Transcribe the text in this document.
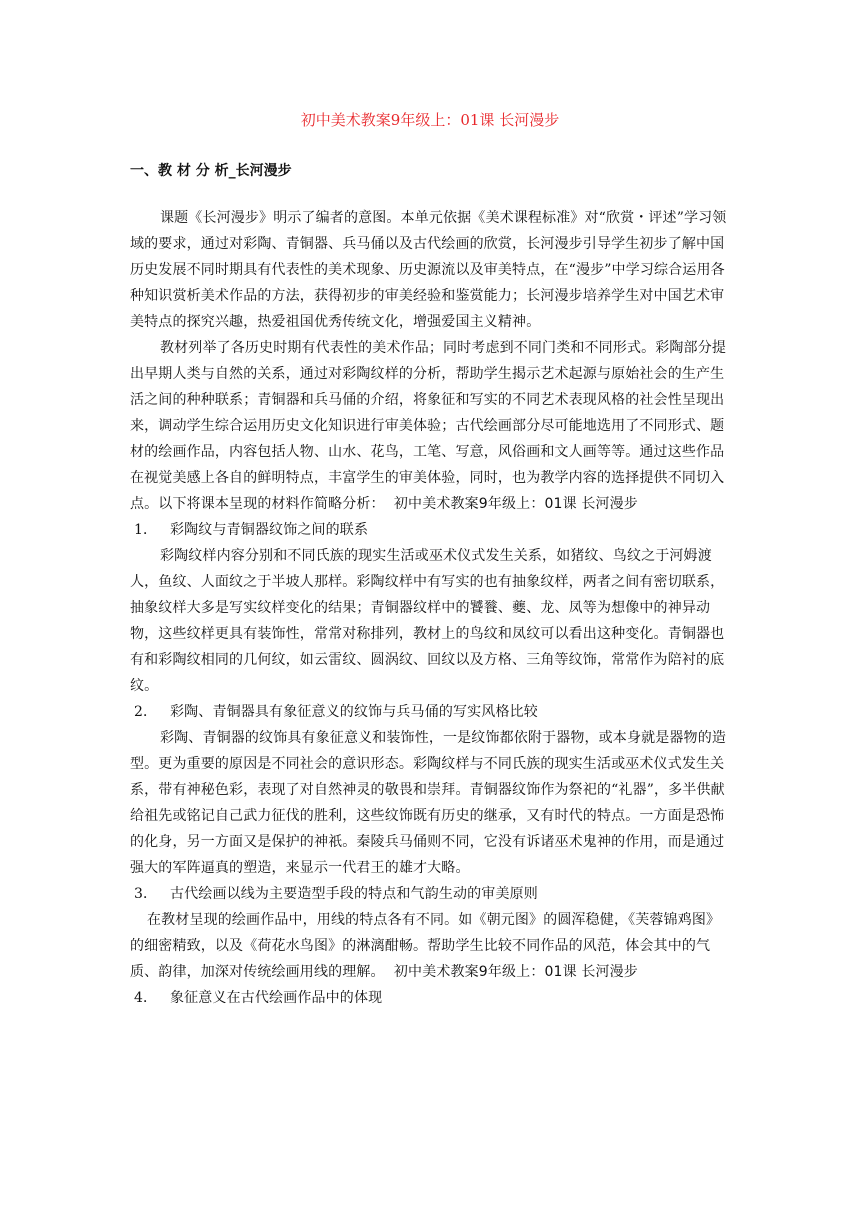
初中美术教案9年级上：01课 长河漫步
一、教 材 分 析_长河漫步

课题《长河漫步》明示了编者的意图。本单元依据《美术课程标准》对“欣赏・评述”学习领域的要求，通过对彩陶、青铜器、兵马俑以及古代绘画的欣赏，长河漫步引导学生初步了解中国历史发展不同时期具有代表性的美术现象、历史源流以及审美特点，在“漫步”中学习综合运用各种知识赏析美术作品的方法，获得初步的审美经验和鉴赏能力；长河漫步培养学生对中国艺术审美特点的探究兴趣，热爱祖国优秀传统文化，增强爱国主义精神。

教材列举了各历史时期有代表性的美术作品；同时考虑到不同门类和不同形式。彩陶部分提出早期人类与自然的关系，通过对彩陶纹样的分析，帮助学生揭示艺术起源与原始社会的生产生活之间的种种联系；青铜器和兵马俑的介绍，将象征和写实的不同艺术表现风格的社会性呈现出来，调动学生综合运用历史文化知识进行审美体验；古代绘画部分尽可能地选用了不同形式、题材的绘画作品，内容包括人物、山水、花鸟，工笔、写意，风俗画和文人画等等。通过这些作品在视觉美感上各自的鲜明特点，丰富学生的审美体验，同时，也为教学内容的选择提供不同切入点。以下将课本呈现的材料作简略分析： 初中美术教案9年级上：01课 长河漫步

1． 彩陶纹与青铜器纹饰之间的联系

彩陶纹样内容分别和不同氏族的现实生活或巫术仪式发生关系，如猪纹、鸟纹之于河姆渡人，鱼纹、人面纹之于半坡人那样。彩陶纹样中有写实的也有抽象纹样，两者之间有密切联系，抽象纹样大多是写实纹样变化的结果；青铜器纹样中的饕餮、夔、龙、凤等为想像中的神异动物，这些纹样更具有装饰性，常常对称排列，教材上的鸟纹和凤纹可以看出这种变化。青铜器也有和彩陶纹相同的几何纹，如云雷纹、圆涡纹、回纹以及方格、三角等纹饰，常常作为陪衬的底纹。

2． 彩陶、青铜器具有象征意义的纹饰与兵马俑的写实风格比较

彩陶、青铜器的纹饰具有象征意义和装饰性，一是纹饰都依附于器物，或本身就是器物的造型。更为重要的原因是不同社会的意识形态。彩陶纹样与不同氏族的现实生活或巫术仪式发生关系，带有神秘色彩，表现了对自然神灵的敬畏和崇拜。青铜器纹饰作为祭祀的“礼器”，多半供献给祖先或铭记自己武力征伐的胜利，这些纹饰既有历史的继承，又有时代的特点。一方面是恐怖的化身，另一方面又是保护的神祇。秦陵兵马俑则不同，它没有诉诸巫术鬼神的作用，而是通过强大的军阵逼真的塑造，来显示一代君王的雄才大略。

3． 古代绘画以线为主要造型手段的特点和气韵生动的审美原则

在教材呈现的绘画作品中，用线的特点各有不同。如《朝元图》的圆浑稳健，《芙蓉锦鸡图》的细密精致，以及《荷花水鸟图》的淋漓酣畅。帮助学生比较不同作品的风范，体会其中的气质、韵律，加深对传统绘画用线的理解。 初中美术教案9年级上：01课 长河漫步

4． 象征意义在古代绘画作品中的体现
